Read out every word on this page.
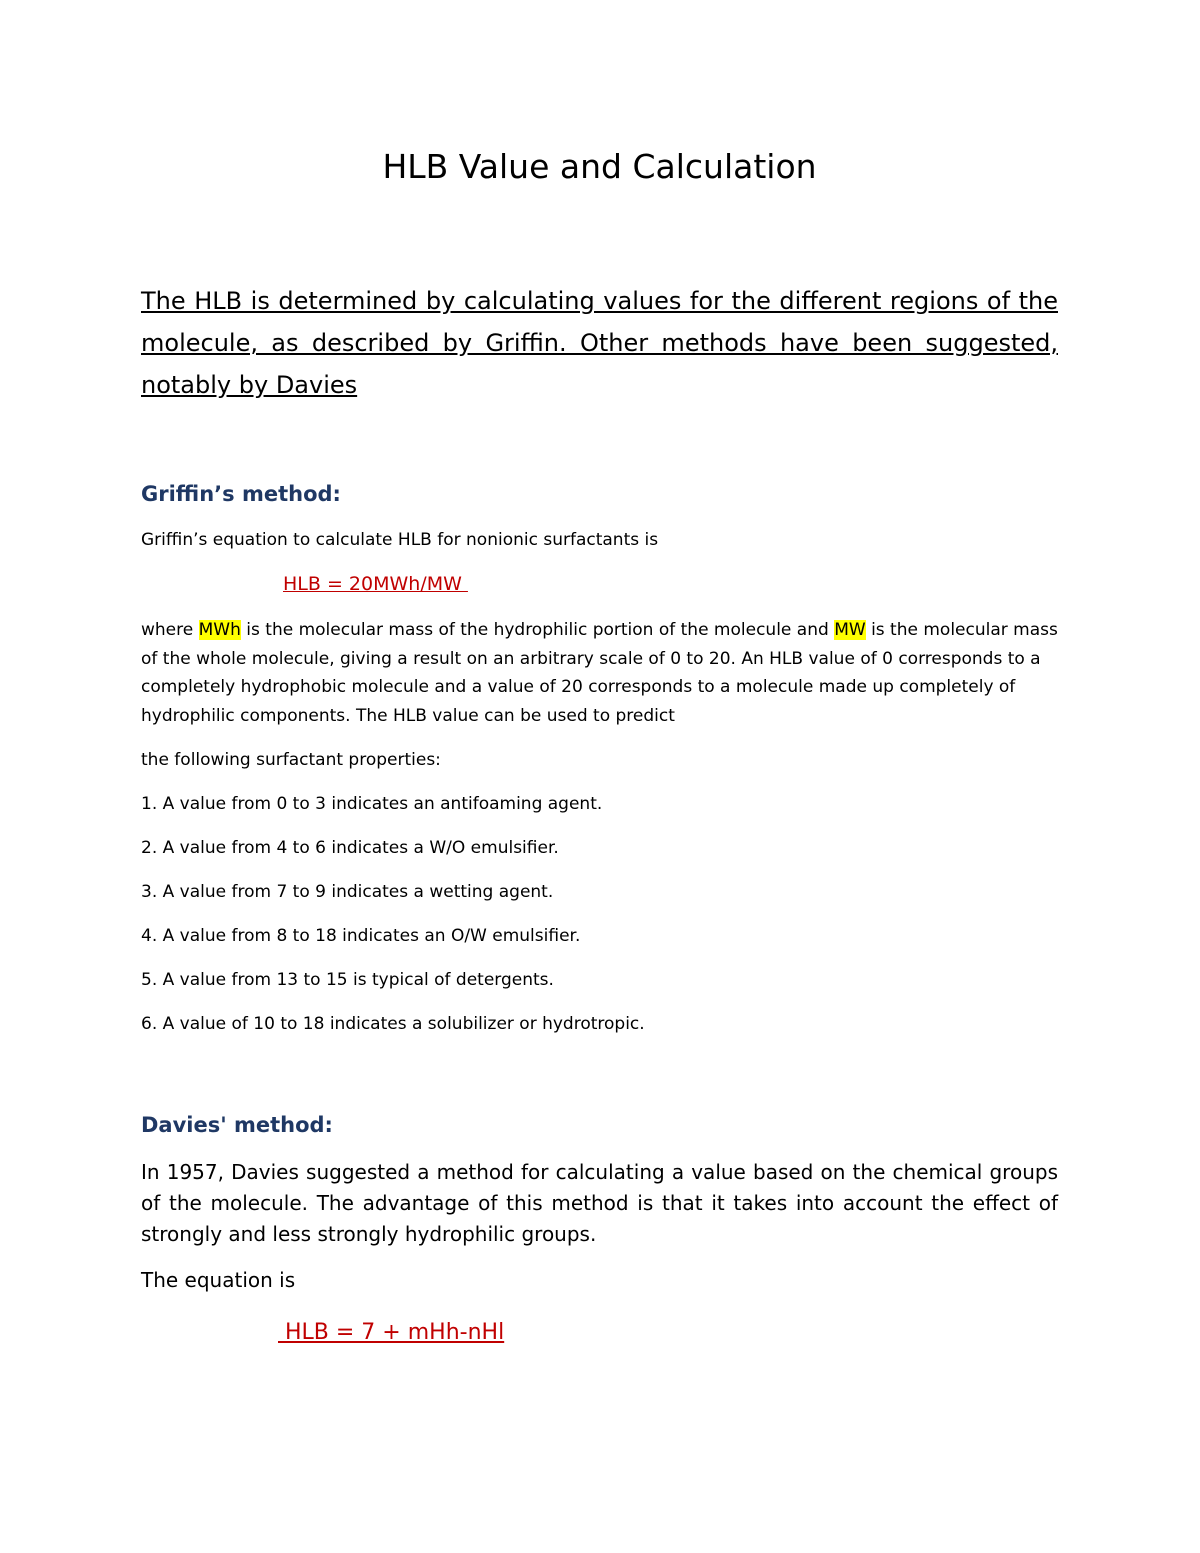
HLB Value and Calculation

The HLB is determined by calculating values for the different regions of the molecule, as described by Griffin. Other methods have been suggested, notably by Davies

Griffin’s method:

Griffin’s equation to calculate HLB for nonionic surfactants is

HLB = 20MWh/MW

where MWh is the molecular mass of the hydrophilic portion of the molecule and MW is the molecular mass of the whole molecule, giving a result on an arbitrary scale of 0 to 20. An HLB value of 0 corresponds to a completely hydrophobic molecule and a value of 20 corresponds to a molecule made up completely of hydrophilic components. The HLB value can be used to predict

the following surfactant properties:

1. A value from 0 to 3 indicates an antifoaming agent.

2. A value from 4 to 6 indicates a W/O emulsifier.

3. A value from 7 to 9 indicates a wetting agent.

4. A value from 8 to 18 indicates an O/W emulsifier.

5. A value from 13 to 15 is typical of detergents.

6. A value of 10 to 18 indicates a solubilizer or hydrotropic.

Davies' method:

In 1957, Davies suggested a method for calculating a value based on the chemical groups of the molecule. The advantage of this method is that it takes into account the effect of strongly and less strongly hydrophilic groups.

The equation is

HLB = 7 + mHh-nHl
